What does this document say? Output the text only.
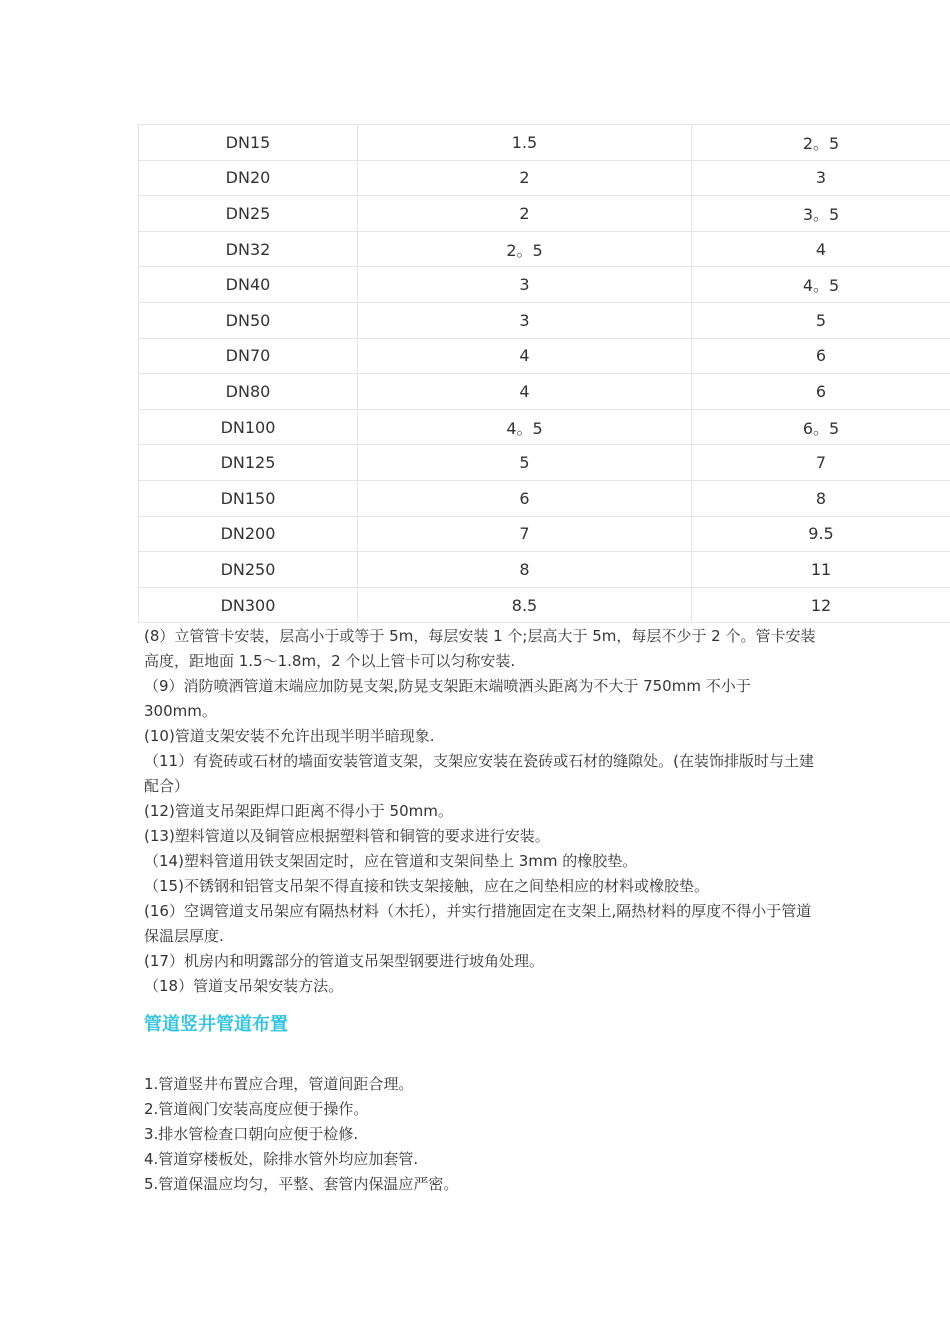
DN15	1.5	2。5
DN20	2	3
DN25	2	3。5
DN32	2。5	4
DN40	3	4。5
DN50	3	5
DN70	4	6
DN80	4	6
DN100	4。5	6。5
DN125	5	7
DN150	6	8
DN200	7	9.5
DN250	8	11
DN300	8.5	12

(8）立管管卡安装，层高小于或等于 5m，每层安装 1 个;层高大于 5m，每层不少于 2 个。管卡安装高度，距地面 1.5～1.8m，2 个以上管卡可以匀称安装.

（9）消防喷洒管道末端应加防晃支架,防晃支架距末端喷洒头距离为不大于 750mm 不小于 300mm。

(10)管道支架安装不允许出现半明半暗现象.

（11）有瓷砖或石材的墙面安装管道支架，支架应安装在瓷砖或石材的缝隙处。(在装饰排版时与土建配合）

(12)管道支吊架距焊口距离不得小于 50mm。

(13)塑料管道以及铜管应根据塑料管和铜管的要求进行安装。

（14)塑料管道用铁支架固定时，应在管道和支架间垫上 3mm 的橡胶垫。

（15)不锈钢和铝管支吊架不得直接和铁支架接触，应在之间垫相应的材料或橡胶垫。

(16）空调管道支吊架应有隔热材料（木托），并实行措施固定在支架上,隔热材料的厚度不得小于管道保温层厚度.

(17）机房内和明露部分的管道支吊架型钢要进行坡角处理。

（18）管道支吊架安装方法。

管道竖井管道布置

1.管道竖井布置应合理，管道间距合理。

2.管道阀门安装高度应便于操作。

3.排水管检查口朝向应便于检修.

4.管道穿楼板处，除排水管外均应加套管.

5.管道保温应均匀，平整、套管内保温应严密。
